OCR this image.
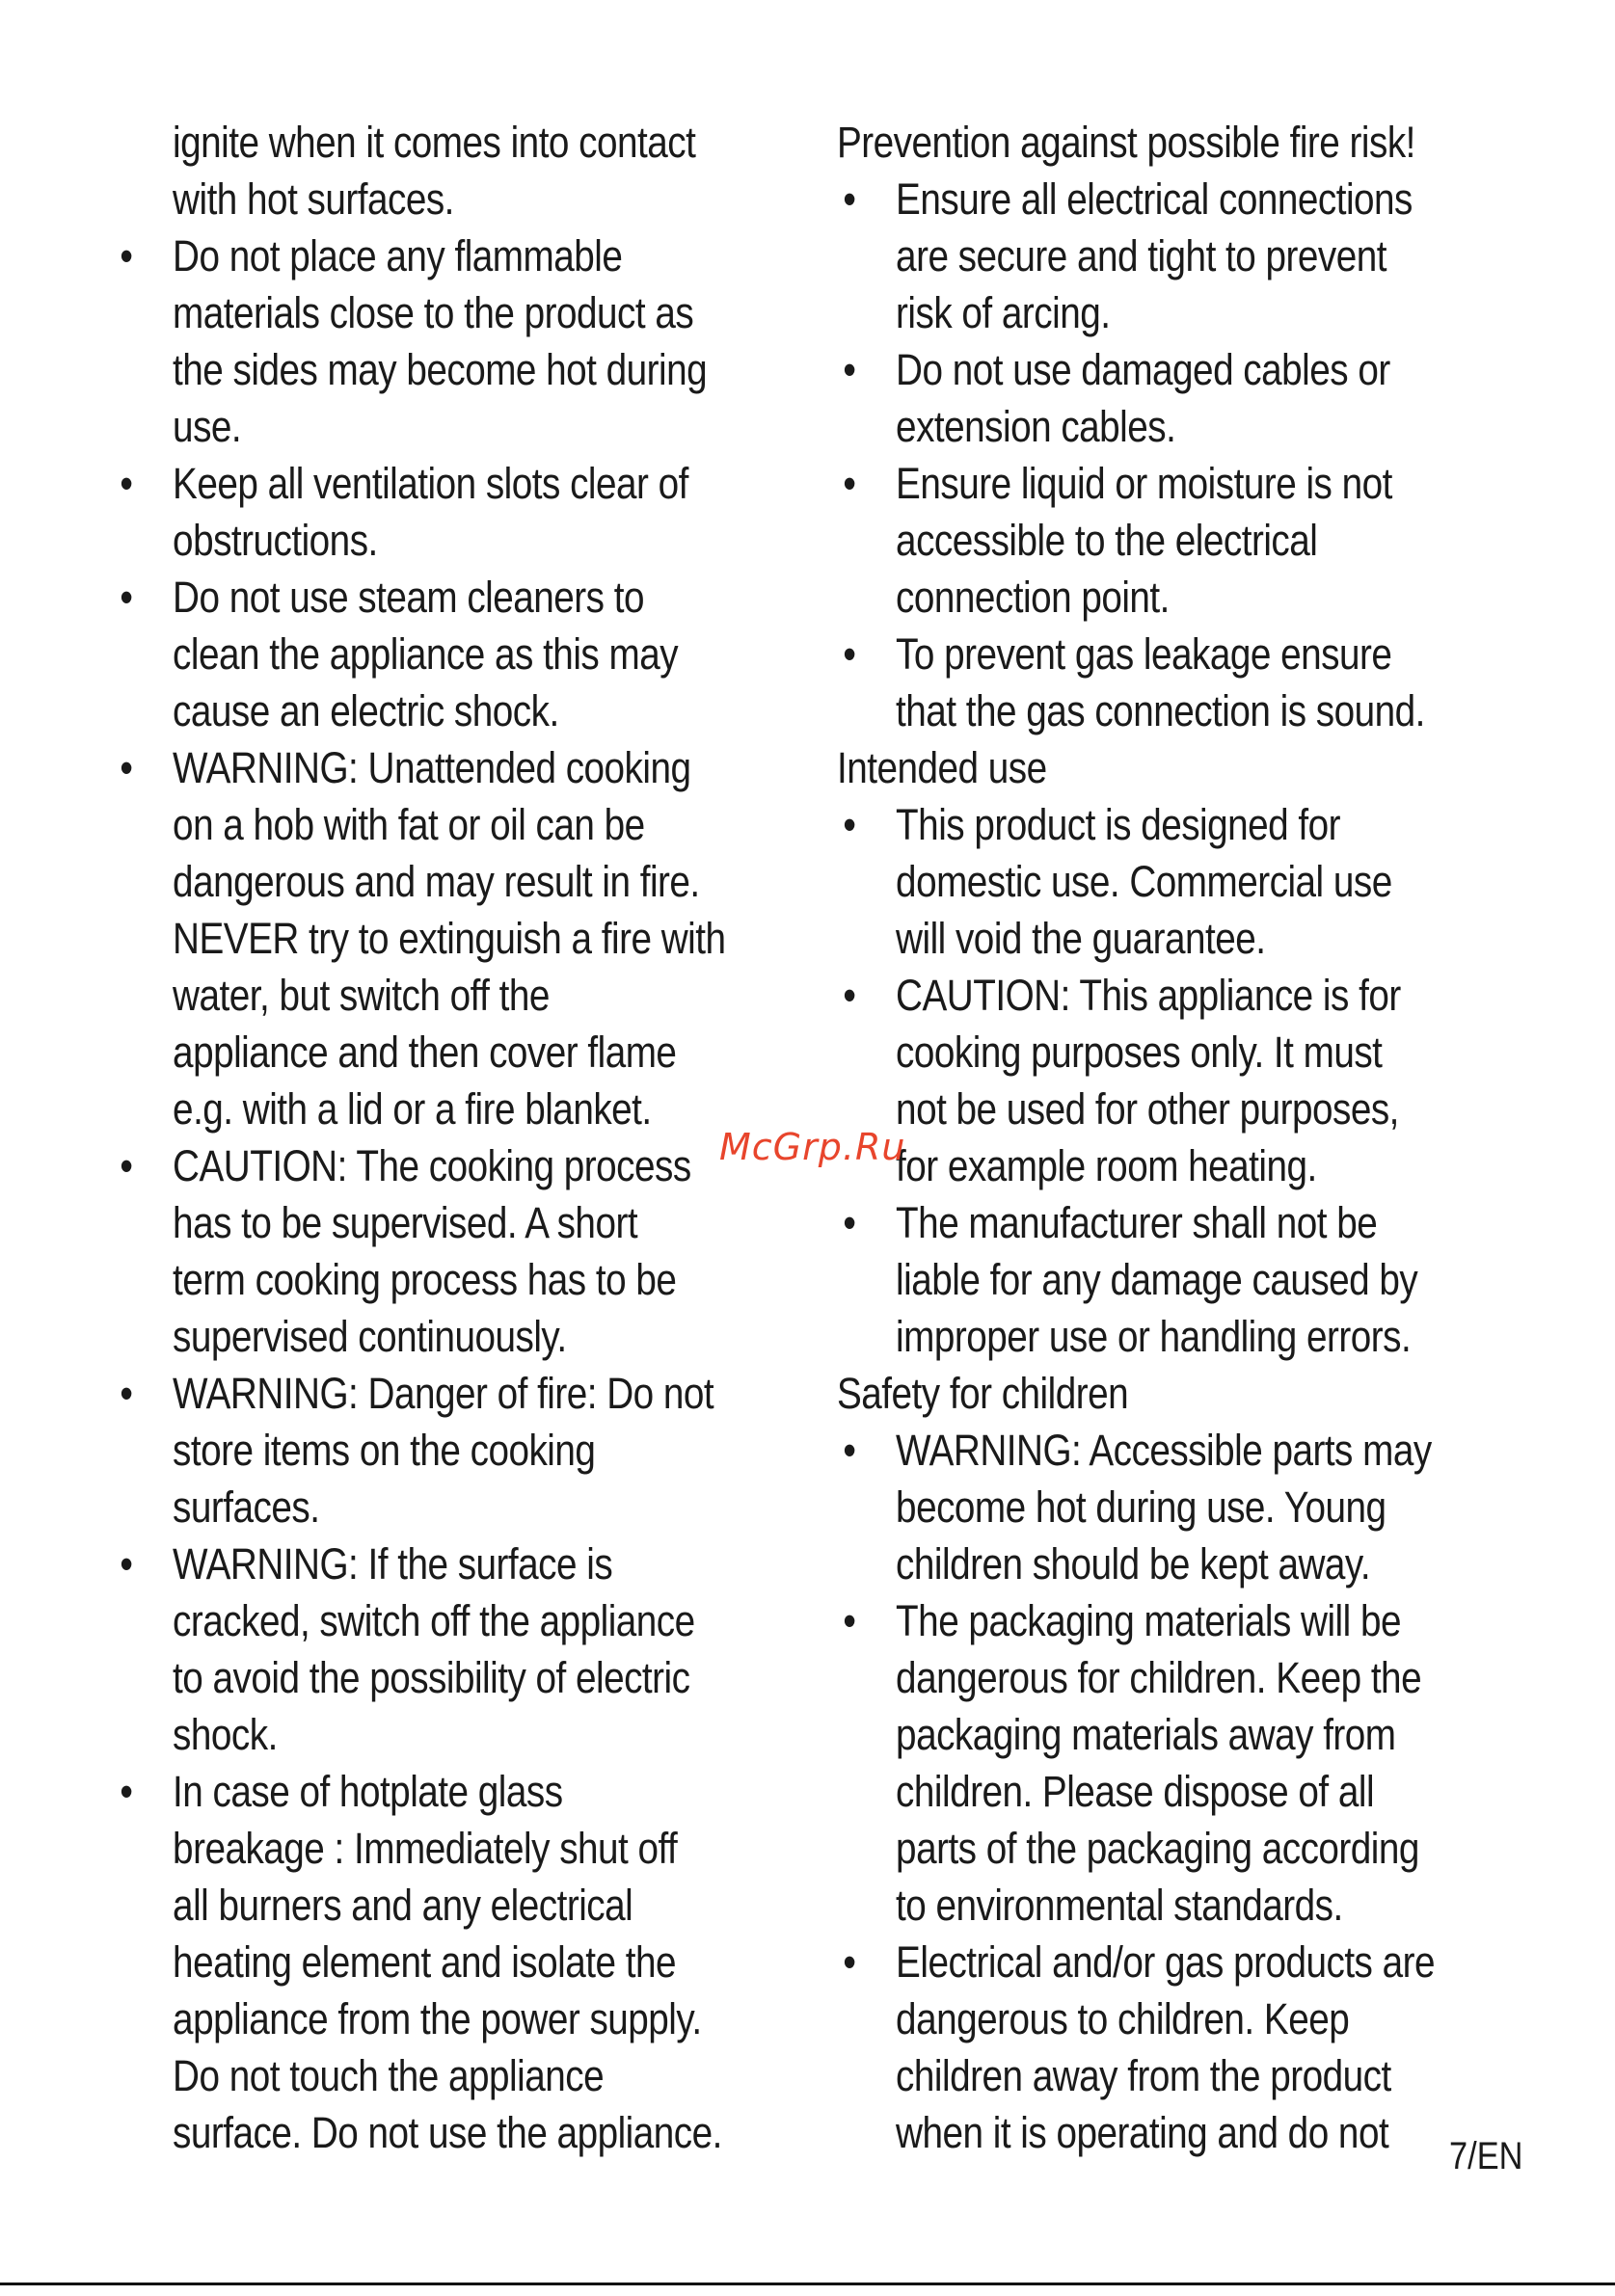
ignite when it comes into contact
with hot surfaces.
• Do not place any flammable
materials close to the product as
the sides may become hot during
use.
• Keep all ventilation slots clear of
obstructions.
• Do not use steam cleaners to
clean the appliance as this may
cause an electric shock.
• WARNING: Unattended cooking
on a hob with fat or oil can be
dangerous and may result in fire.
NEVER try to extinguish a fire with
water, but switch off the
appliance and then cover flame
e.g. with a lid or a fire blanket.
• CAUTION: The cooking process
has to be supervised. A short
term cooking process has to be
supervised continuously.
• WARNING: Danger of fire: Do not
store items on the cooking
surfaces.
• WARNING: If the surface is
cracked, switch off the appliance
to avoid the possibility of electric
shock.
• In case of hotplate glass
breakage : Immediately shut off
all burners and any electrical
heating element and isolate the
appliance from the power supply.
Do not touch the appliance
surface. Do not use the appliance.

Prevention against possible fire risk!

• Ensure all electrical connections
are secure and tight to prevent
risk of arcing.
• Do not use damaged cables or
extension cables.
• Ensure liquid or moisture is not
accessible to the electrical
connection point.
• To prevent gas leakage ensure
that the gas connection is sound.

Intended use

• This product is designed for
domestic use. Commercial use
will void the guarantee.
• CAUTION: This appliance is for
cooking purposes only. It must
not be used for other purposes,
for example room heating.
• The manufacturer shall not be
liable for any damage caused by
improper use or handling errors.

Safety for children

• WARNING: Accessible parts may
become hot during use. Young
children should be kept away.
• The packaging materials will be
dangerous for children. Keep the
packaging materials away from
children. Please dispose of all
parts of the packaging according
to environmental standards.
• Electrical and/or gas products are
dangerous to children. Keep
children away from the product
when it is operating and do not
McGrp.Ru
7/EN
